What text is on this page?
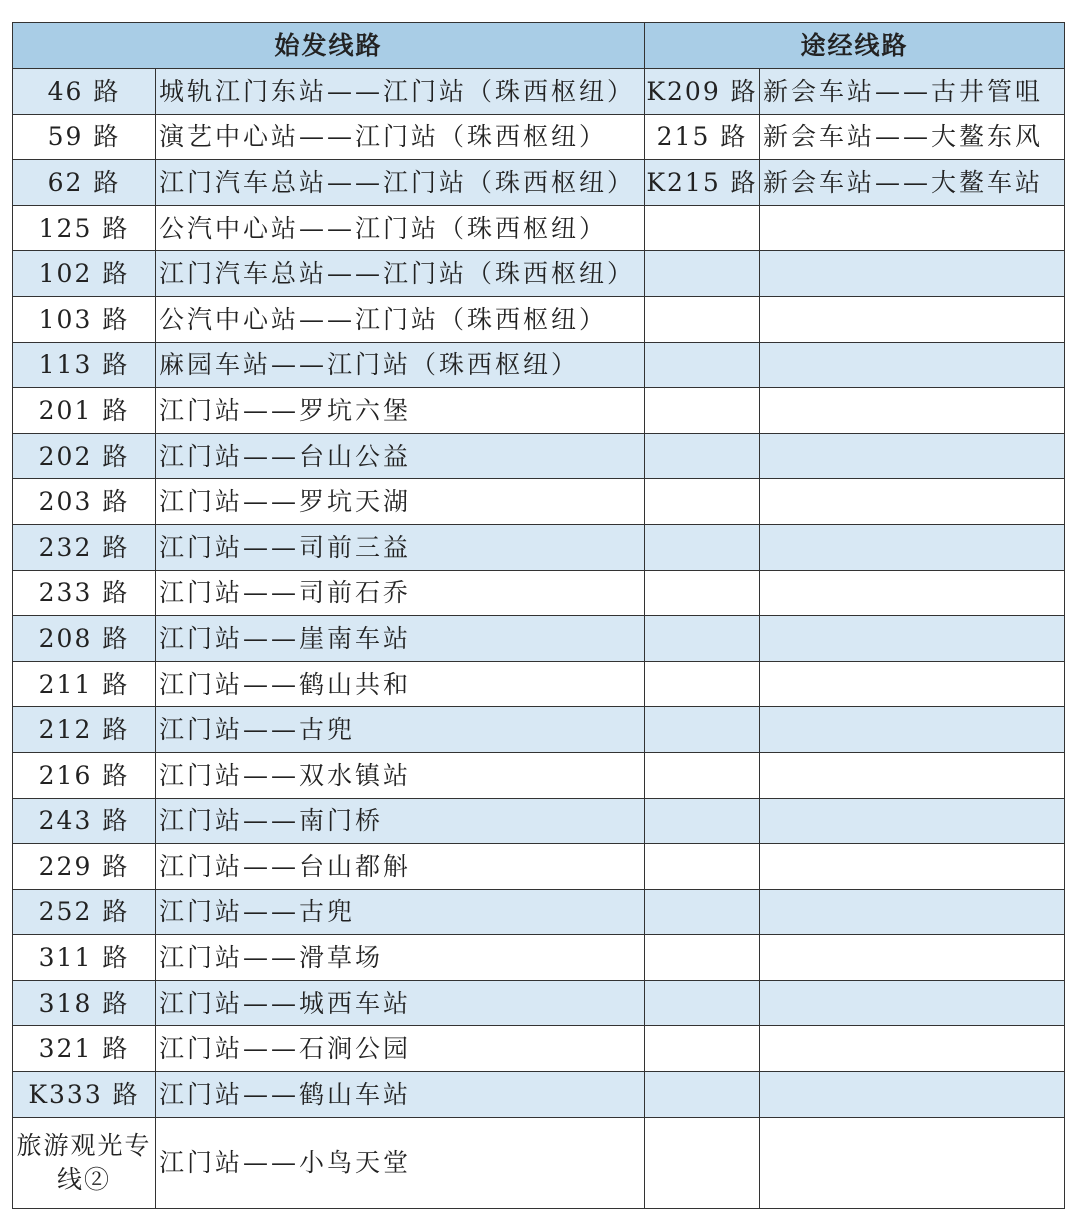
始发线路		途经线路	
46 路	城轨江门东站——江门站（珠西枢纽）	K209 路	新会车站——古井管咀
59 路	演艺中心站——江门站（珠西枢纽）	215 路	新会车站——大鳌东风
62 路	江门汽车总站——江门站（珠西枢纽）	K215 路	新会车站——大鳌车站
125 路	公汽中心站——江门站（珠西枢纽）		
102 路	江门汽车总站——江门站（珠西枢纽）		
103 路	公汽中心站——江门站（珠西枢纽）		
113 路	麻园车站——江门站（珠西枢纽）		
201 路	江门站——罗坑六堡		
202 路	江门站——台山公益		
203 路	江门站——罗坑天湖		
232 路	江门站——司前三益		
233 路	江门站——司前石乔		
208 路	江门站——崖南车站		
211 路	江门站——鹤山共和		
212 路	江门站——古兜		
216 路	江门站——双水镇站		
243 路	江门站——南门桥		
229 路	江门站——台山都斛		
252 路	江门站——古兜		
311 路	江门站——滑草场		
318 路	江门站——城西车站		
321 路	江门站——石涧公园		
K333 路	江门站——鹤山车站		
旅游观光专线②	江门站——小鸟天堂		
